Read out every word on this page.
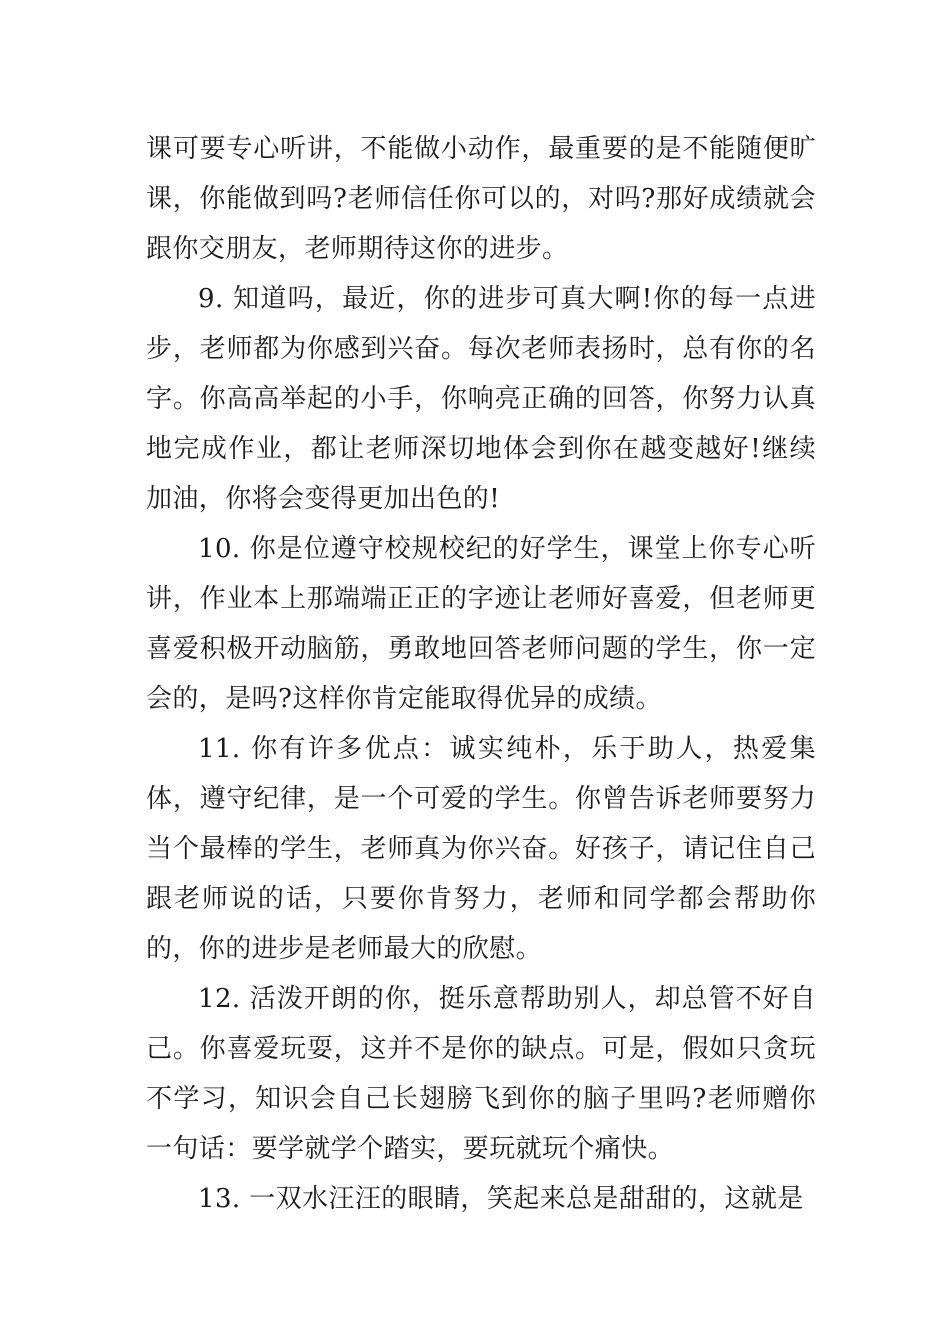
课可要专心听讲，不能做小动作，最重要的是不能随便旷课，你能做到吗?老师信任你可以的，对吗?那好成绩就会跟你交朋友，老师期待这你的进步。

9. 知道吗，最近，你的进步可真大啊!你的每一点进步，老师都为你感到兴奋。每次老师表扬时，总有你的名字。你高高举起的小手，你响亮正确的回答，你努力认真地完成作业，都让老师深切地体会到你在越变越好!继续加油，你将会变得更加出色的!

10. 你是位遵守校规校纪的好学生，课堂上你专心听讲，作业本上那端端正正的字迹让老师好喜爱，但老师更喜爱积极开动脑筋，勇敢地回答老师问题的学生，你一定会的，是吗?这样你肯定能取得优异的成绩。

11. 你有许多优点：诚实纯朴，乐于助人，热爱集体，遵守纪律，是一个可爱的学生。你曾告诉老师要努力当个最棒的学生，老师真为你兴奋。好孩子，请记住自己跟老师说的话，只要你肯努力，老师和同学都会帮助你的，你的进步是老师最大的欣慰。

12. 活泼开朗的你，挺乐意帮助别人，却总管不好自己。你喜爱玩耍，这并不是你的缺点。可是，假如只贪玩不学习，知识会自己长翅膀飞到你的脑子里吗?老师赠你一句话：要学就学个踏实，要玩就玩个痛快。

13. 一双水汪汪的眼睛，笑起来总是甜甜的，这就是
